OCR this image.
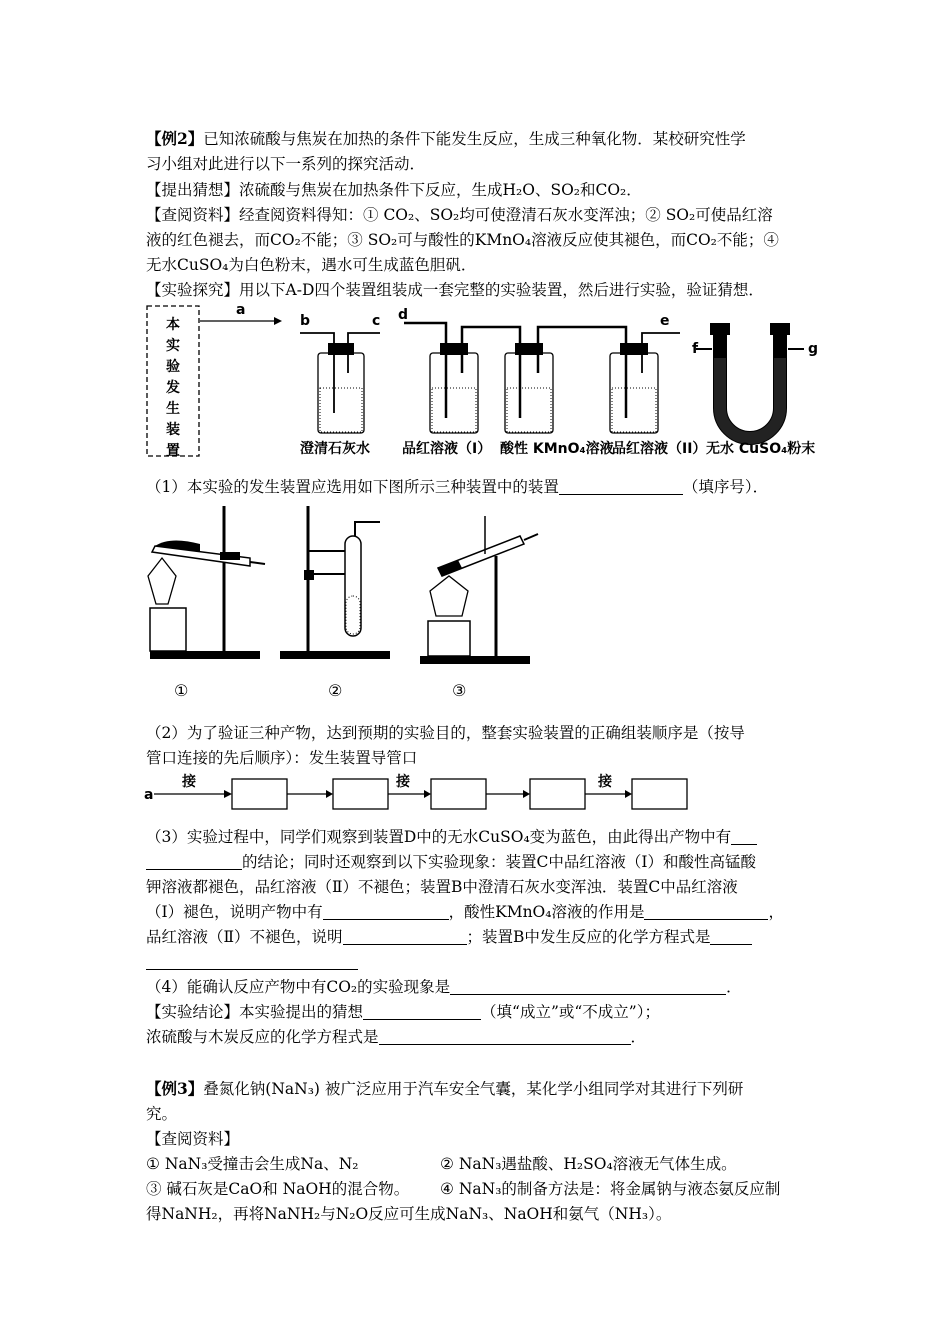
【例2】已知浓硫酸与焦炭在加热的条件下能发生反应，生成三种氧化物．某校研究性学
习小组对此进行以下一系列的探究活动．
【提出猜想】浓硫酸与焦炭在加热条件下反应，生成H₂O、SO₂和CO₂．
【查阅资料】经查阅资料得知：① CO₂、SO₂均可使澄清石灰水变浑浊；② SO₂可使品红溶
液的红色褪去，而CO₂不能；③ SO₂可与酸性的KMnO₄溶液反应使其褪色，而CO₂不能；④
无水CuSO₄为白色粉末，遇水可生成蓝色胆矾．
【实验探究】用以下A-D四个装置组装成一套完整的实验装置，然后进行实验，验证猜想．
本实验发生装置
a
b	c d	e
f	g
澄清石灰水 品红溶液（I） 酸性 KMnO₄溶液
品红溶液（II） 无水 CuSO₄粉末
（1）本实验的发生装置应选用如下图所示三种装置中的装置	（填序号）．
①	②	③
（2）为了验证三种产物，达到预期的实验目的，整套实验装置的正确组装顺序是（按导
管口连接的先后顺序）：发生装置导管口
a
接	接	接
（3）实验过程中，同学们观察到装置D中的无水CuSO₄变为蓝色，由此得出产物中有
的结论；同时还观察到以下实验现象：装置C中品红溶液（Ⅰ）和酸性高锰酸
钾溶液都褪色，品红溶液（Ⅱ）不褪色；装置B中澄清石灰水变浑浊．装置C中品红溶液
（Ⅰ）褪色，说明产物中有	，酸性KMnO₄溶液的作用是	，
品红溶液（Ⅱ）不褪色，说明	；装置B中发生反应的化学方程式是
（4）能确认反应产物中有CO₂的实验现象是	．
【实验结论】本实验提出的猜想	（填“成立”或“不成立”）；
浓硫酸与木炭反应的化学方程式是	．
【例3】叠氮化钠(NaN₃) 被广泛应用于汽车安全气囊，某化学小组同学对其进行下列研
究。
【查阅资料】
① NaN₃受撞击会生成Na、N₂	② NaN₃遇盐酸、H₂SO₄溶液无气体生成。
③ 碱石灰是CaO和 NaOH的混合物。 ④ NaN₃的制备方法是：将金属钠与液态氨反应制
得NaNH₂，再将NaNH₂与N₂O反应可生成NaN₃、NaOH和氨气（NH₃）。
